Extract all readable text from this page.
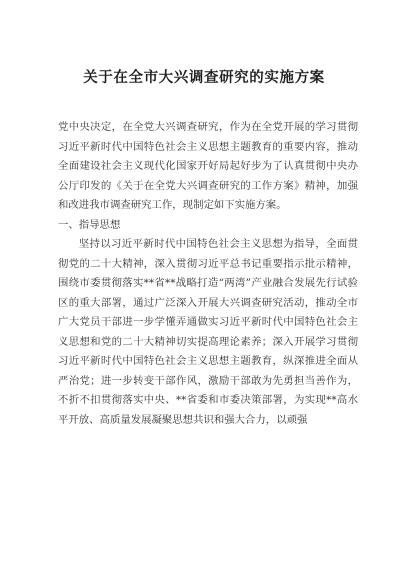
关于在全市大兴调查研究的实施方案

党中央决定，在全党大兴调查研究，作为在全党开展的学习贯彻习近平新时代中国特色社会主义思想主题教育的重要内容，推动全面建设社会主义现代化国家开好局起好步为了认真贯彻中央办公厅印发的《关于在全党大兴调查研究的工作方案》精神，加强和改进我市调查研究工作，现制定如下实施方案。

一、指导思想

坚持以习近平新时代中国特色社会主义思想为指导，全面贯彻党的二十大精神，深入贯彻习近平总书记重要指示批示精神，围绕市委贯彻落实**省**战略打造“两湾”产业融合发展先行试验区的重大部署，通过广泛深入开展大兴调查研究活动，推动全市广大党员干部进一步学懂弄通做实习近平新时代中国特色社会主义思想和党的二十大精神切实提高理论素养；深入开展学习贯彻习近平新时代中国特色社会主义思想主题教育，纵深推进全面从严治党；进一步转变干部作风，激励干部敢为先勇担当善作为，不折不扣贯彻落实中央、**省委和市委决策部署，为实现**高水平开放、高质量发展凝聚思想共识和强大合力，以顽强
